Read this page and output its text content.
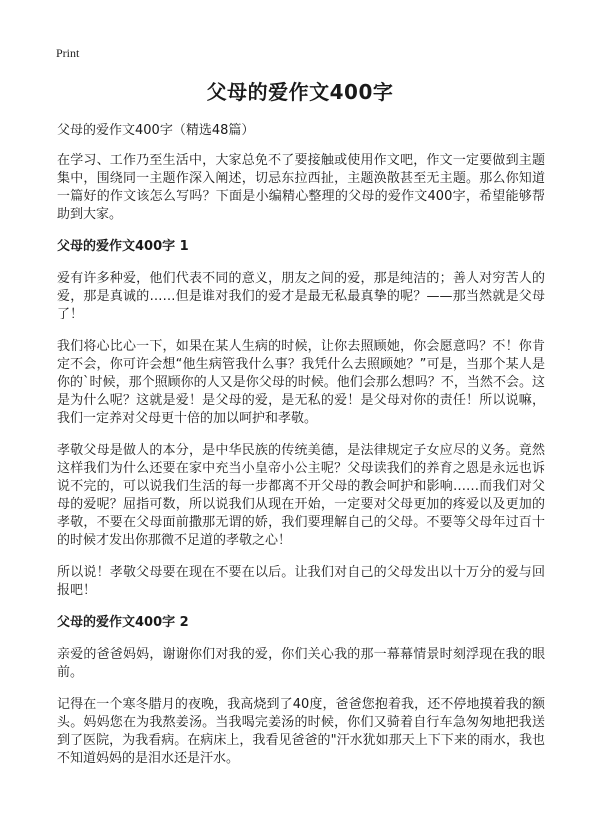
Print
父母的爱作文400字

父母的爱作文400字（精选48篇）

在学习、工作乃至生活中，大家总免不了要接触或使用作文吧，作文一定要做到主题集中，围绕同一主题作深入阐述，切忌东拉西扯，主题涣散甚至无主题。那么你知道一篇好的作文该怎么写吗？下面是小编精心整理的父母的爱作文400字，希望能够帮助到大家。

父母的爱作文400字 1

爱有许多种爱，他们代表不同的意义，朋友之间的爱，那是纯洁的；善人对穷苦人的爱，那是真诚的……但是谁对我们的爱才是最无私最真挚的呢？——那当然就是父母了！

我们将心比心一下，如果在某人生病的时候，让你去照顾她，你会愿意吗？不！你肯定不会，你可许会想“他生病管我什么事？我凭什么去照顾她？”可是，当那个某人是你的`时候，那个照顾你的人又是你父母的时候。他们会那么想吗？不，当然不会。这是为什么呢？这就是爱！是父母的爱，是无私的爱！是父母对你的责任！所以说嘛，我们一定养对父母更十倍的加以呵护和孝敬。

孝敬父母是做人的本分，是中华民族的传统美德，是法律规定子女应尽的义务。竟然这样我们为什么还要在家中充当小皇帝小公主呢？父母读我们的养育之恩是永远也诉说不完的，可以说我们生活的每一步都离不开父母的教会呵护和影响……而我们对父母的爱呢？屈指可数，所以说我们从现在开始，一定要对父母更加的疼爱以及更加的孝敬，不要在父母面前撒那无谓的娇，我们要理解自己的父母。不要等父母年过百十的时候才发出你那微不足道的孝敬之心！

所以说！孝敬父母要在现在不要在以后。让我们对自己的父母发出以十万分的爱与回报吧！

父母的爱作文400字 2

亲爱的爸爸妈妈，谢谢你们对我的爱，你们关心我的那一幕幕情景时刻浮现在我的眼前。

记得在一个寒冬腊月的夜晚，我高烧到了40度，爸爸您抱着我，还不停地摸着我的额头。妈妈您在为我熬姜汤。当我喝完姜汤的时候，你们又骑着自行车急匆匆地把我送到了医院，为我看病。在病床上，我看见爸爸的"汗水犹如那天上下下来的雨水，我也不知道妈妈的是泪水还是汗水。
